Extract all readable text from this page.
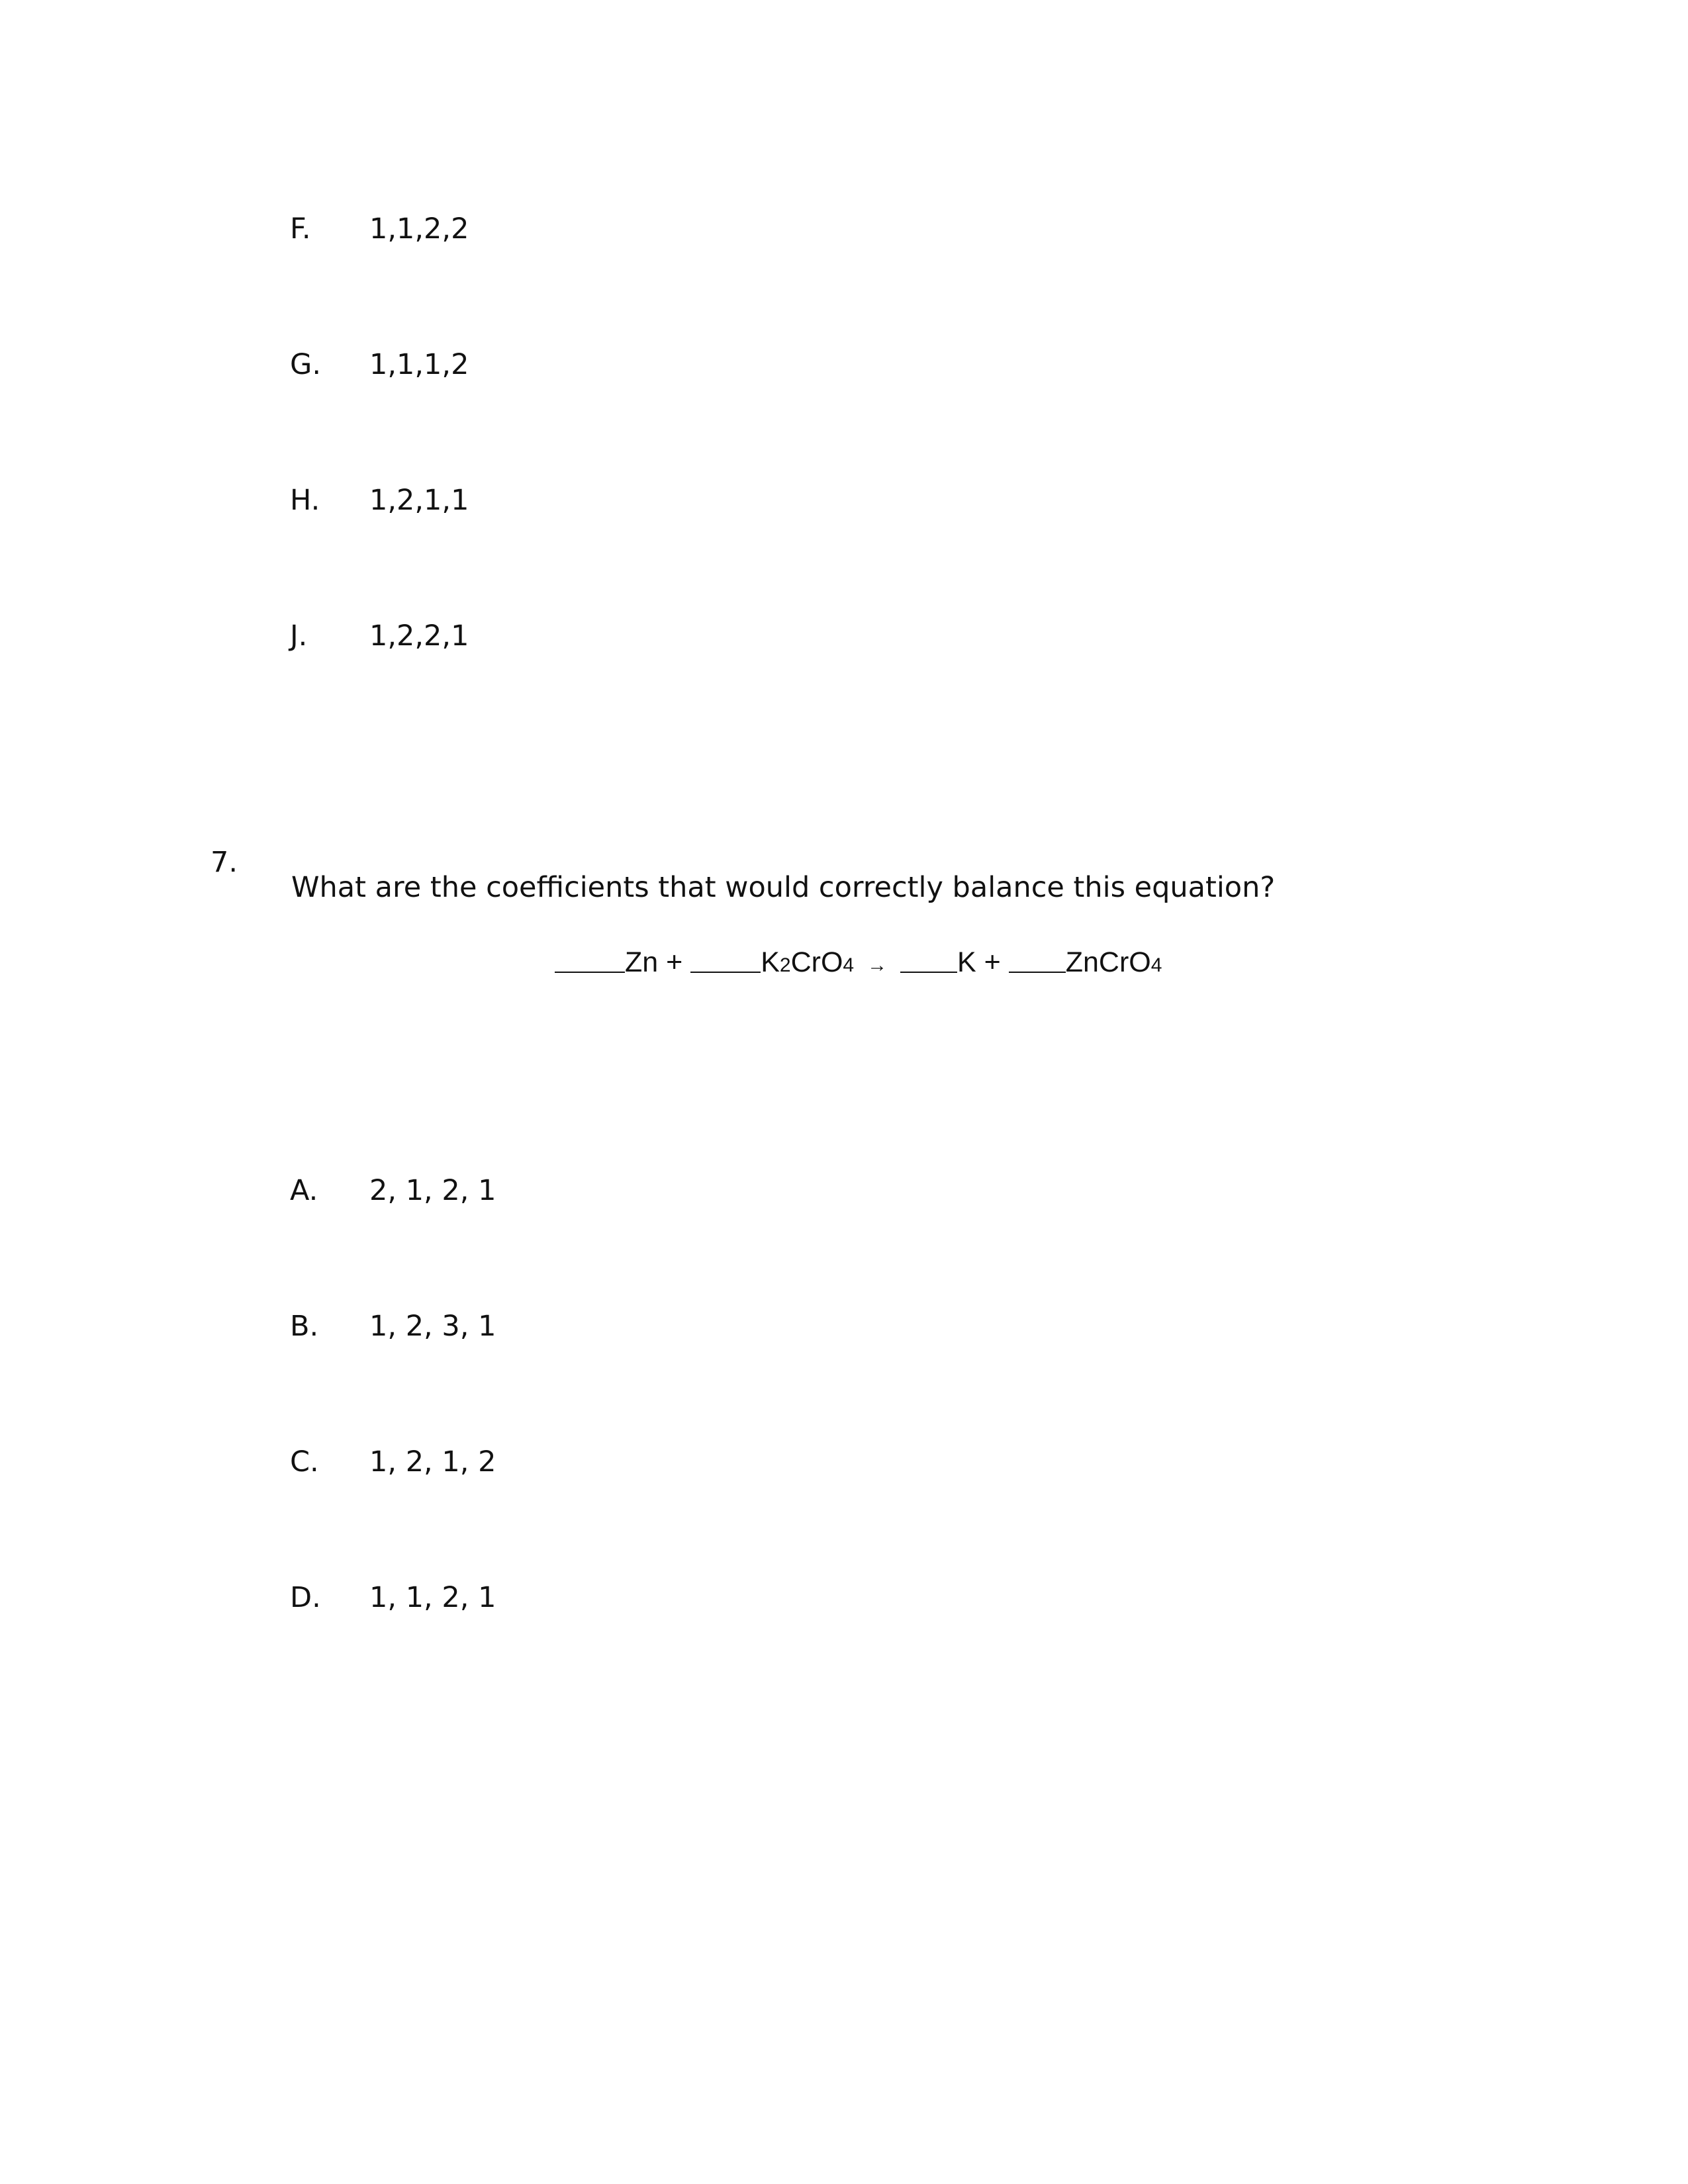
F. 1,1,2,2
G. 1,1,1,2
H. 1,2,1,1
J. 1,2,2,1
7.
What are the coefficients that would correctly balance this equation?
Zn +	K2CrO4 → K + ZnCrO4
A. 2, 1, 2, 1
B. 1, 2, 3, 1
C. 1, 2, 1, 2
D. 1, 1, 2, 1
